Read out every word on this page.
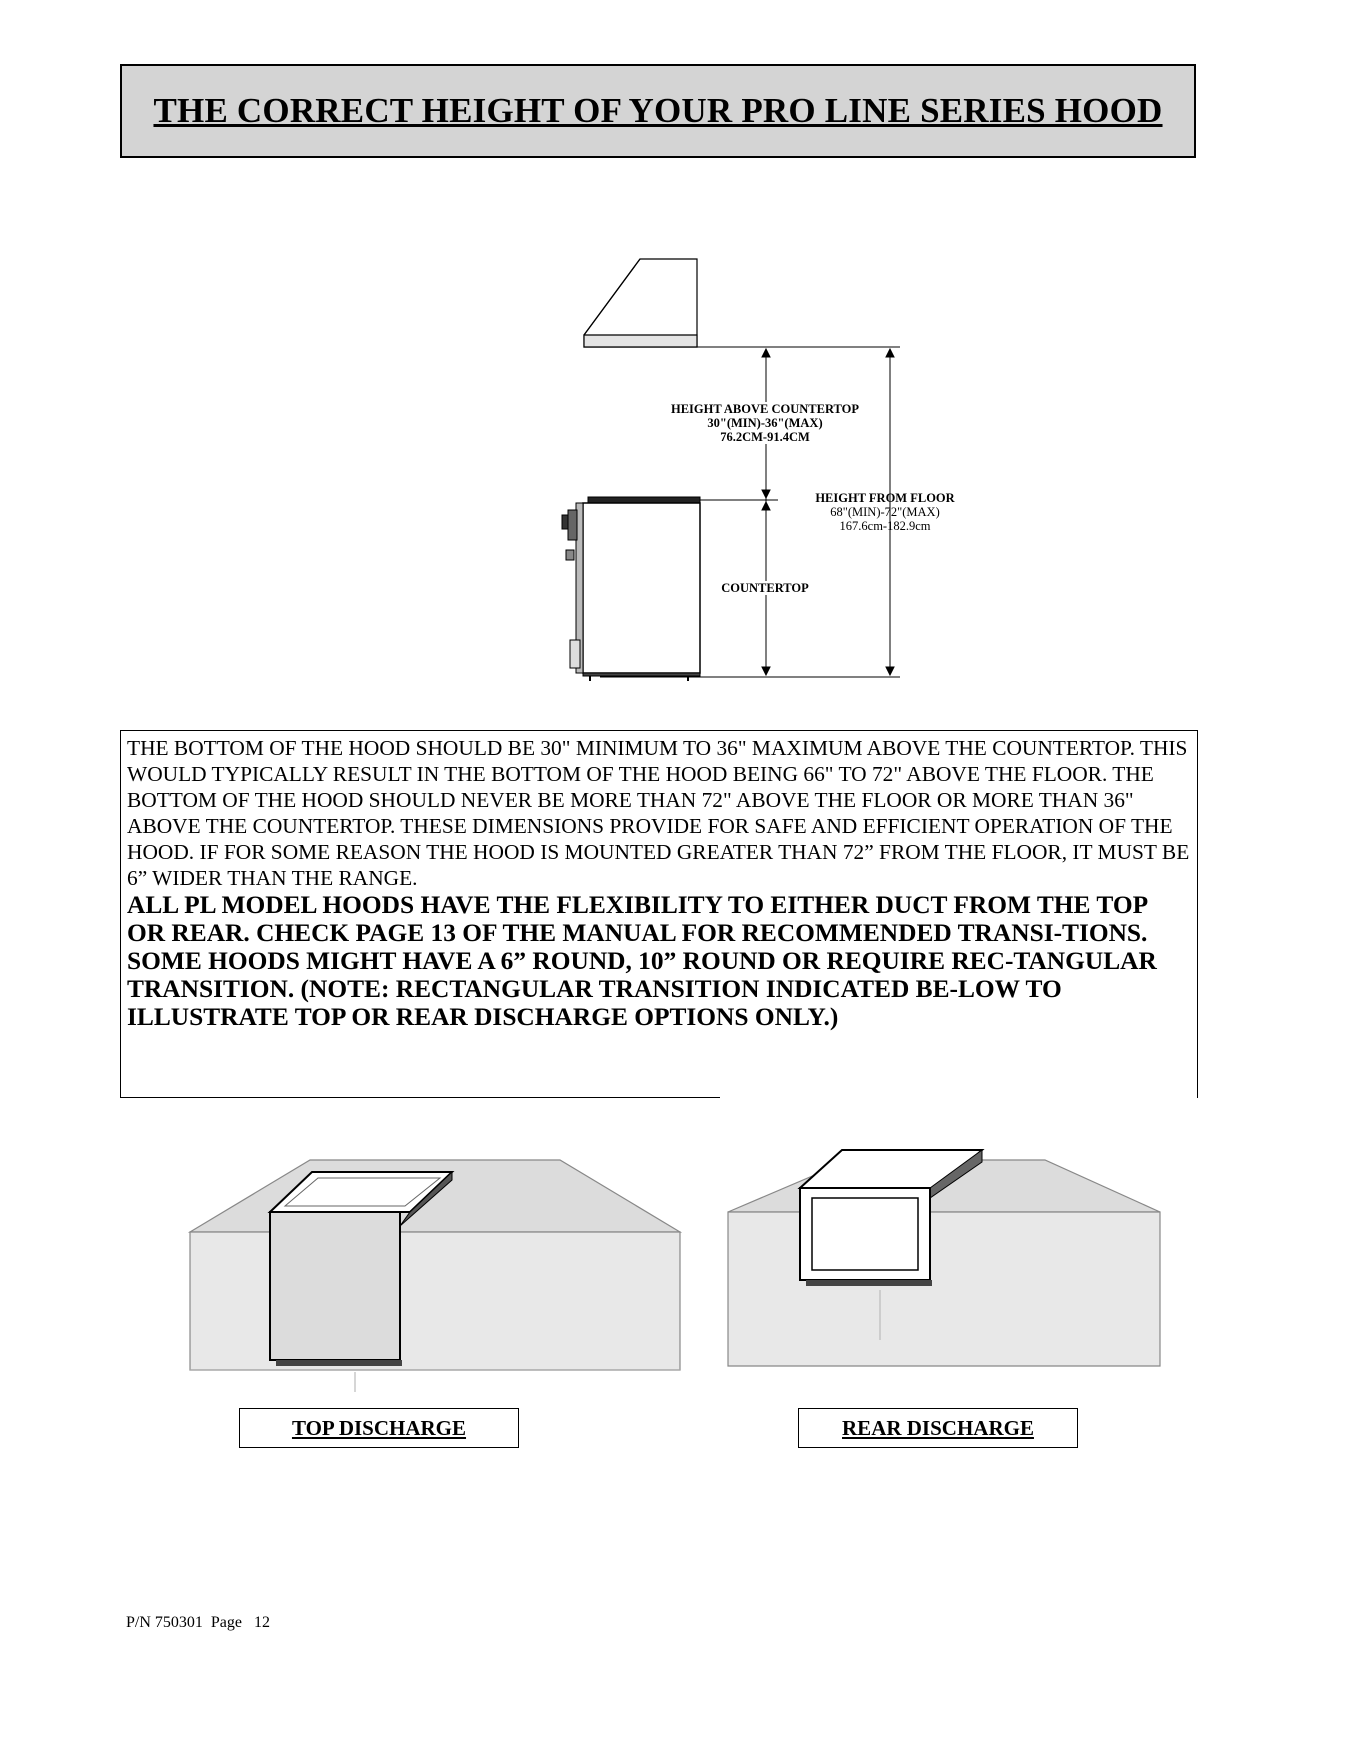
THE CORRECT HEIGHT OF YOUR PRO LINE SERIES HOOD
HEIGHT ABOVE COUNTERTOP
30"(MIN)-36"(MAX)
76.2CM-91.4CM
HEIGHT FROM FLOOR
68"(MIN)-72"(MAX)
167.6cm-182.9cm
COUNTERTOP

THE BOTTOM OF THE HOOD SHOULD BE 30" MINIMUM TO 36" MAXIMUM ABOVE THE COUNTERTOP. THIS WOULD TYPICALLY RESULT IN THE BOTTOM OF THE HOOD BEING 66" TO 72" ABOVE THE FLOOR. THE BOTTOM OF THE HOOD SHOULD NEVER BE MORE THAN 72" ABOVE THE FLOOR OR MORE THAN 36" ABOVE THE COUNTERTOP. THESE DIMENSIONS PROVIDE FOR SAFE AND EFFICIENT OPERATION OF THE HOOD. IF FOR SOME REASON THE HOOD IS MOUNTED GREATER THAN 72” FROM THE FLOOR, IT MUST BE 6” WIDER THAN THE RANGE.

ALL PL MODEL HOODS HAVE THE FLEXIBILITY TO EITHER DUCT FROM THE TOP OR REAR. CHECK PAGE 13 OF THE MANUAL FOR RECOMMENDED TRANSI-TIONS. SOME HOODS MIGHT HAVE A 6” ROUND, 10” ROUND OR REQUIRE REC-TANGULAR TRANSITION. (NOTE: RECTANGULAR TRANSITION INDICATED BE-LOW TO ILLUSTRATE TOP OR REAR DISCHARGE OPTIONS ONLY.)

TOP DISCHARGE	REAR DISCHARGE
P/N 750301  Page   12
